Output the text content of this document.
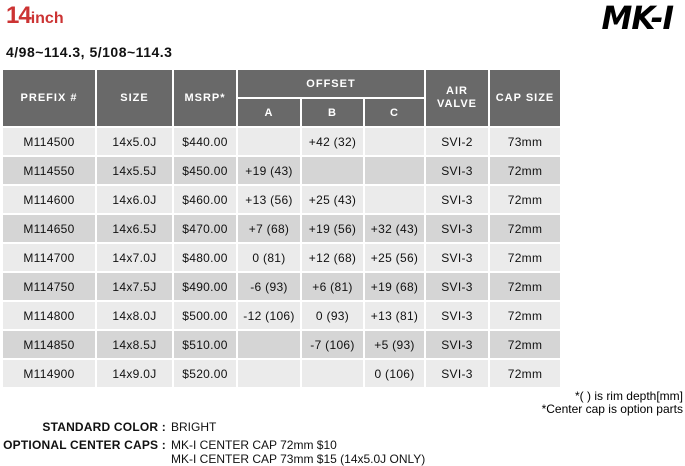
14inch	MK-I
4/98~114.3, 5/108~114.3
PREFIX #	SIZE	MSRP*	OFFSET			AIR VALVE	CAP SIZE
			A	B	C		
M114500	14x5.0J	$440.00		+42 (32)		SVI-2	73mm
M114550	14x5.5J	$450.00	+19 (43)			SVI-3	72mm
M114600	14x6.0J	$460.00	+13 (56)	+25 (43)		SVI-3	72mm
M114650	14x6.5J	$470.00	+7 (68)	+19 (56)	+32 (43)	SVI-3	72mm
M114700	14x7.0J	$480.00	0 (81)	+12 (68)	+25 (56)	SVI-3	72mm
M114750	14x7.5J	$490.00	-6 (93)	+6 (81)	+19 (68)	SVI-3	72mm
M114800	14x8.0J	$500.00	-12 (106)	0 (93)	+13 (81)	SVI-3	72mm
M114850	14x8.5J	$510.00		-7 (106)	+5 (93)	SVI-3	72mm
M114900	14x9.0J	$520.00			0 (106)	SVI-3	72mm
*( ) is rim depth[mm]
*Center cap is option parts
STANDARD COLOR : BRIGHT
OPTIONAL CENTER CAPS : MK-I CENTER CAP 72mm $10
MK-I CENTER CAP 73mm $15 (14x5.0J ONLY)
